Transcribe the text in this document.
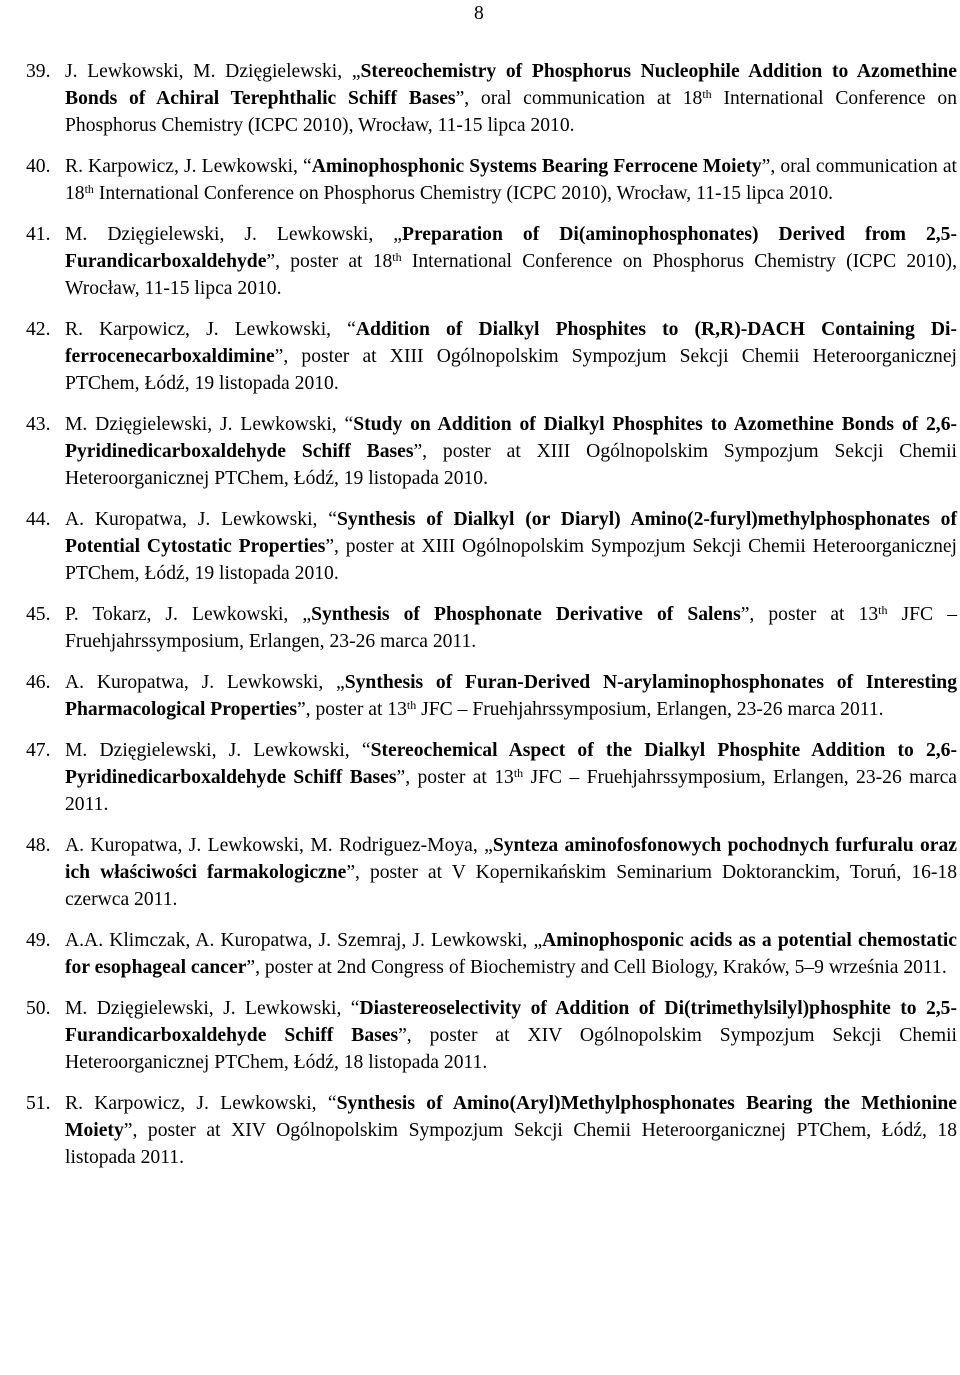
8
39. J. Lewkowski, M. Dzięgielewski, „Stereochemistry of Phosphorus Nucleophile Addition to Azomethine Bonds of Achiral Terephthalic Schiff Bases”, oral communication at 18th International Conference on Phosphorus Chemistry (ICPC 2010), Wrocław, 11-15 lipca 2010.
40. R. Karpowicz, J. Lewkowski, “Aminophosphonic Systems Bearing Ferrocene Moiety”, oral communication at 18th International Conference on Phosphorus Chemistry (ICPC 2010), Wrocław, 11-15 lipca 2010.
41. M. Dzięgielewski, J. Lewkowski, „Preparation of Di(aminophosphonates) Derived from 2,5-Furandicarboxaldehyde”, poster at 18th International Conference on Phosphorus Chemistry (ICPC 2010), Wrocław, 11-15 lipca 2010.
42. R. Karpowicz, J. Lewkowski, “Addition of Dialkyl Phosphites to (R,R)-DACH Containing Di-ferrocenecarboxaldimine”, poster at XIII Ogólnopolskim Sympozjum Sekcji Chemii Heteroorganicznej PTChem, Łódź, 19 listopada 2010.
43. M. Dzięgielewski, J. Lewkowski, “Study on Addition of Dialkyl Phosphites to Azomethine Bonds of 2,6-Pyridinedicarboxaldehyde Schiff Bases”, poster at XIII Ogólnopolskim Sympozjum Sekcji Chemii Heteroorganicznej PTChem, Łódź, 19 listopada 2010.
44. A. Kuropatwa, J. Lewkowski, “Synthesis of Dialkyl (or Diaryl) Amino(2-furyl)methylphosphonates of Potential Cytostatic Properties”, poster at XIII Ogólnopolskim Sympozjum Sekcji Chemii Heteroorganicznej PTChem, Łódź, 19 listopada 2010.
45. P. Tokarz, J. Lewkowski, „Synthesis of Phosphonate Derivative of Salens”, poster at 13th JFC – Fruehjahrssymposium, Erlangen, 23-26 marca 2011.
46. A. Kuropatwa, J. Lewkowski, „Synthesis of Furan-Derived N-arylaminophosphonates of Interesting Pharmacological Properties”, poster at 13th JFC – Fruehjahrssymposium, Erlangen, 23-26 marca 2011.
47. M. Dzięgielewski, J. Lewkowski, “Stereochemical Aspect of the Dialkyl Phosphite Addition to 2,6-Pyridinedicarboxaldehyde Schiff Bases”, poster at 13th JFC – Fruehjahrssymposium, Erlangen, 23-26 marca 2011.
48. A. Kuropatwa, J. Lewkowski, M. Rodriguez-Moya, „Synteza aminofosfonowych pochodnych furfuralu oraz ich właściwości farmakologiczne”, poster at V Kopernikańskim Seminarium Doktoranckim, Toruń, 16-18 czerwca 2011.
49. A.A. Klimczak, A. Kuropatwa, J. Szemraj, J. Lewkowski, „Aminophosponic acids as a potential chemostatic for esophageal cancer”, poster at 2nd Congress of Biochemistry and Cell Biology, Kraków, 5–9 września 2011.
50. M. Dzięgielewski, J. Lewkowski, “Diastereoselectivity of Addition of Di(trimethylsilyl)phosphite to 2,5-Furandicarboxaldehyde Schiff Bases”, poster at XIV Ogólnopolskim Sympozjum Sekcji Chemii Heteroorganicznej PTChem, Łódź, 18 listopada 2011.
51. R. Karpowicz, J. Lewkowski, “Synthesis of Amino(Aryl)Methylphosphonates Bearing the Methionine Moiety”, poster at XIV Ogólnopolskim Sympozjum Sekcji Chemii Heteroorganicznej PTChem, Łódź, 18 listopada 2011.
